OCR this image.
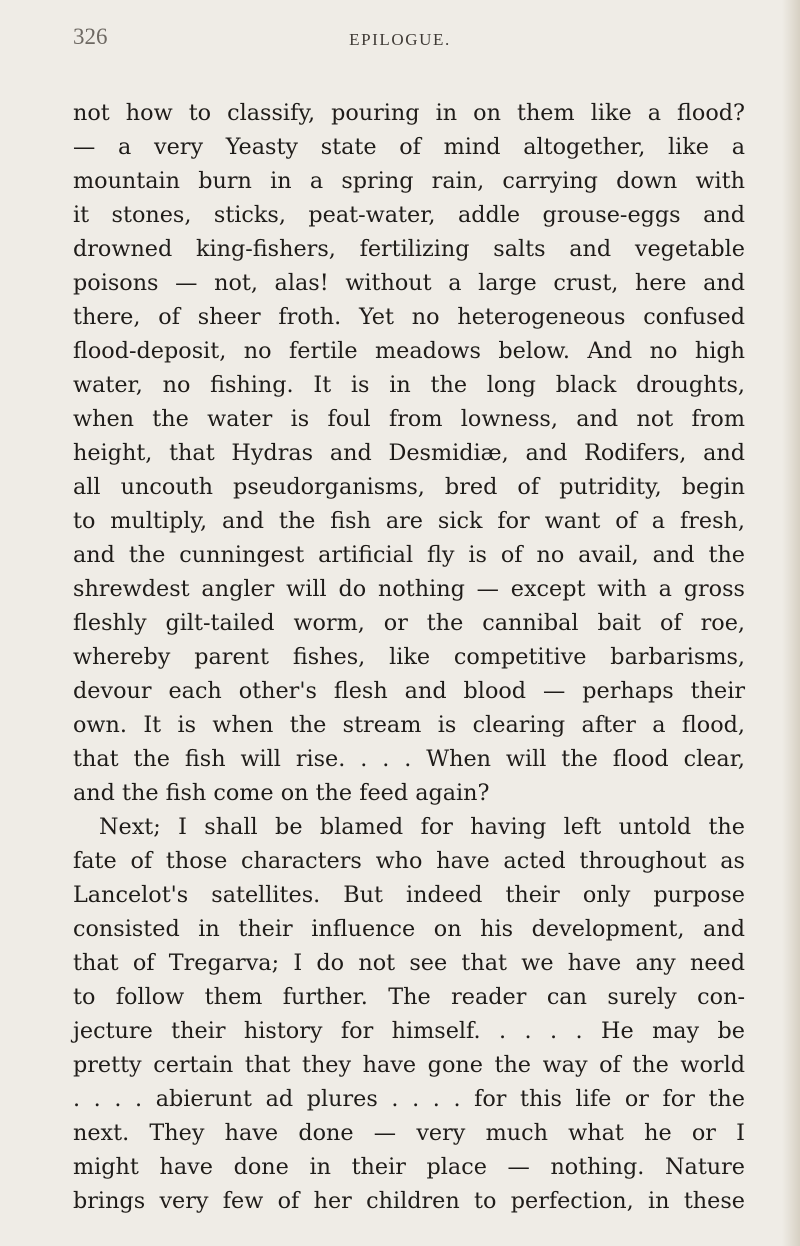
326	EPILOGUE.
not how to classify, pouring in on them like a flood?
— a very Yeasty state of mind altogether, like a
mountain burn in a spring rain, carrying down with
it stones, sticks, peat-water, addle grouse-eggs and
drowned king-fishers, fertilizing salts and vegetable
poisons — not, alas! without a large crust, here and
there, of sheer froth. Yet no heterogeneous confused
flood-deposit, no fertile meadows below. And no high
water, no fishing. It is in the long black droughts,
when the water is foul from lowness, and not from
height, that Hydras and Desmidiæ, and Rodifers, and
all uncouth pseudorganisms, bred of putridity, begin
to multiply, and the fish are sick for want of a fresh,
and the cunningest artificial fly is of no avail, and the
shrewdest angler will do nothing — except with a gross
fleshly gilt-tailed worm, or the cannibal bait of roe,
whereby parent fishes, like competitive barbarisms,
devour each other's flesh and blood — perhaps their
own. It is when the stream is clearing after a flood,
that the fish will rise. . . . When will the flood clear,
and the fish come on the feed again?
Next; I shall be blamed for having left untold the
fate of those characters who have acted throughout as
Lancelot's satellites. But indeed their only purpose
consisted in their influence on his development, and
that of Tregarva; I do not see that we have any need
to follow them further. The reader can surely con-
jecture their history for himself. . . . . He may be
pretty certain that they have gone the way of the world
. . . . abierunt ad plures . . . . for this life or for the
next. They have done — very much what he or I
might have done in their place — nothing. Nature
brings very few of her children to perfection, in these
